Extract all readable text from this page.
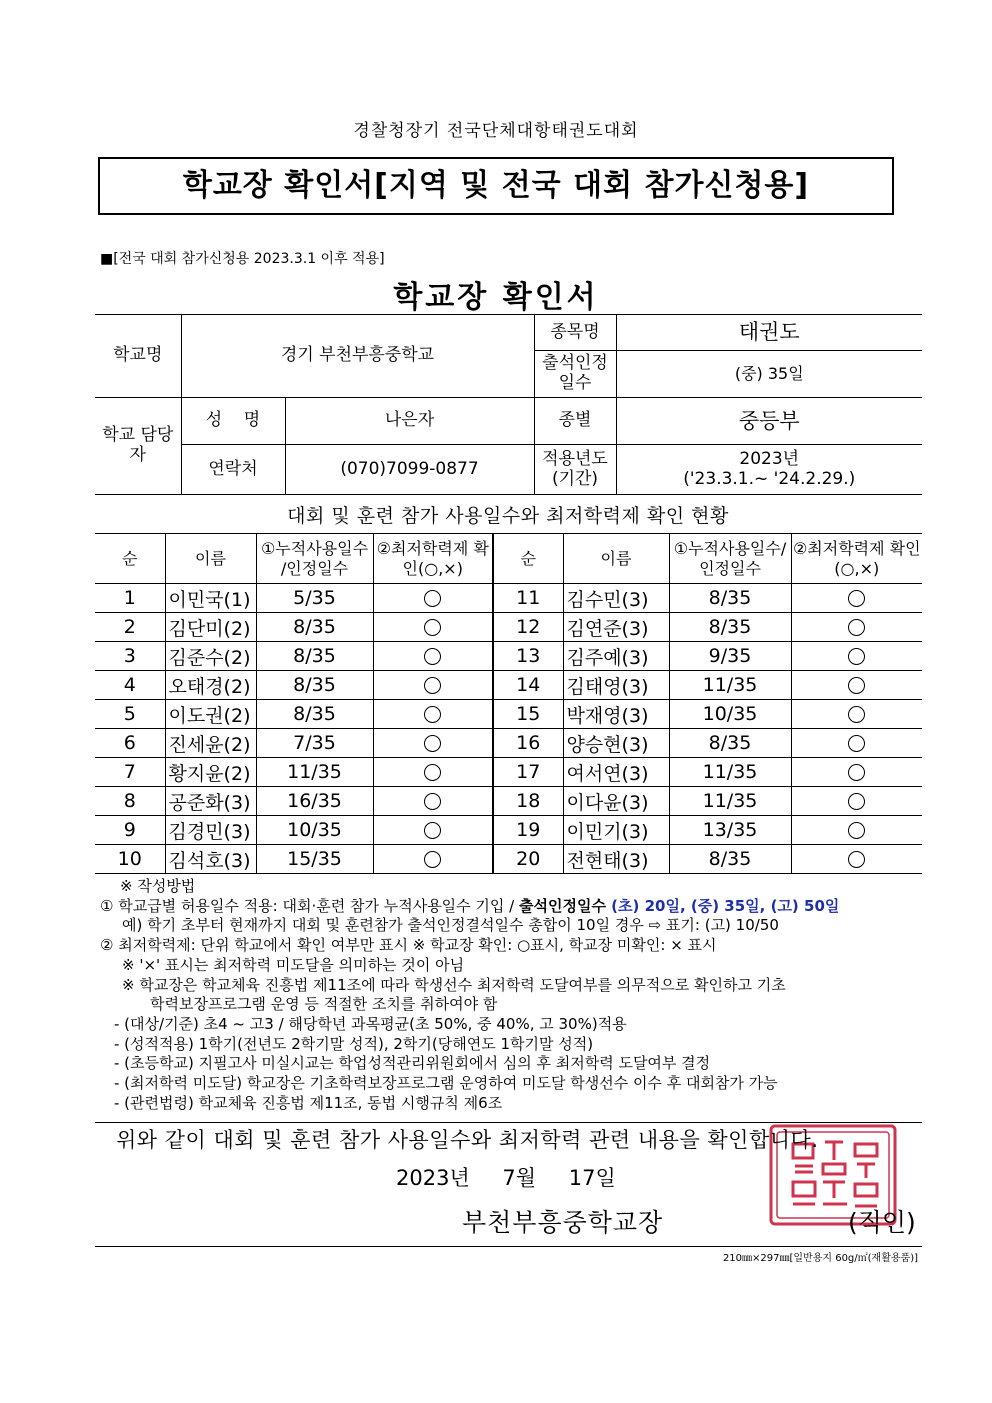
경찰청장기 전국단체대항태권도대회
학교장 확인서[지역 및 전국 대회 참가신청용]
■[전국 대회 참가신청용 2023.3.1 이후 적용]
학교장 확인서
학교명	경기 부천부흥중학교		종목명	태권도
			출석인정 일수	(중) 35일
학교 담당자	성    명	나은자	종별	중등부
	연락처	(070)7099-0877	적용년도 (기간)	2023년
('23.3.1.~ '24.2.29.)
대회 및 훈련 참가 사용일수와 최저학력제 확인 현황
순	이름	①누적사용일수 /인정일수	②최저학력제 확인(○,×)	순	이름	①누적사용일수/ 인정일수	②최저학력제 확인(○,×)
1	이민국(1)	5/35		11	김수민(3)	8/35	
2	김단미(2)	8/35		12	김연준(3)	8/35	
3	김준수(2)	8/35		13	김주예(3)	9/35	
4	오태경(2)	8/35		14	김태영(3)	11/35	
5	이도권(2)	8/35		15	박재영(3)	10/35	
6	진세윤(2)	7/35		16	양승현(3)	8/35	
7	황지윤(2)	11/35		17	여서연(3)	11/35	
8	공준화(3)	16/35		18	이다윤(3)	11/35	
9	김경민(3)	10/35		19	이민기(3)	13/35	
10	김석호(3)	15/35		20	전현태(3)	8/35	
※ 작성방법
① 학교급별 허용일수 적용: 대회·훈련 참가 누적사용일수 기입 / 출석인정일수 (초) 20일, (중) 35일, (고) 50일
예) 학기 초부터 현재까지 대회 및 훈련참가 출석인정결석일수 총합이 10일 경우 ⇨ 표기: (고) 10/50
② 최저학력제: 단위 학교에서 확인 여부만 표시 ※ 학교장 확인: ○표시, 학교장 미확인: × 표시
※ '×' 표시는 최저학력 미도달을 의미하는 것이 아님
※ 학교장은 학교체육 진흥법 제11조에 따라 학생선수 최저학력 도달여부를 의무적으로 확인하고 기초
학력보장프로그램 운영 등 적절한 조치를 취하여야 함
- (대상/기준) 초4 ~ 고3 / 해당학년 과목평균(초 50%, 중 40%, 고 30%)적용
- (성적적용) 1학기(전년도 2학기말 성적), 2학기(당해연도 1학기말 성적)
- (초등학교) 지필고사 미실시교는 학업성적관리위원회에서 심의 후 최저학력 도달여부 결정
- (최저학력 미도달) 학교장은 기초학력보장프로그램 운영하여 미도달 학생선수 이수 후 대회참가 가능
- (관련법령) 학교체육 진흥법 제11조, 동법 시행규칙 제6조
위와 같이 대회 및 훈련 참가 사용일수와 최저학력 관련 내용을 확인합니다.
2023년 7월 17일
부천부흥중학교장	(직인)
210㎜×297㎜[일반용지 60g/㎡(재활용품)]
